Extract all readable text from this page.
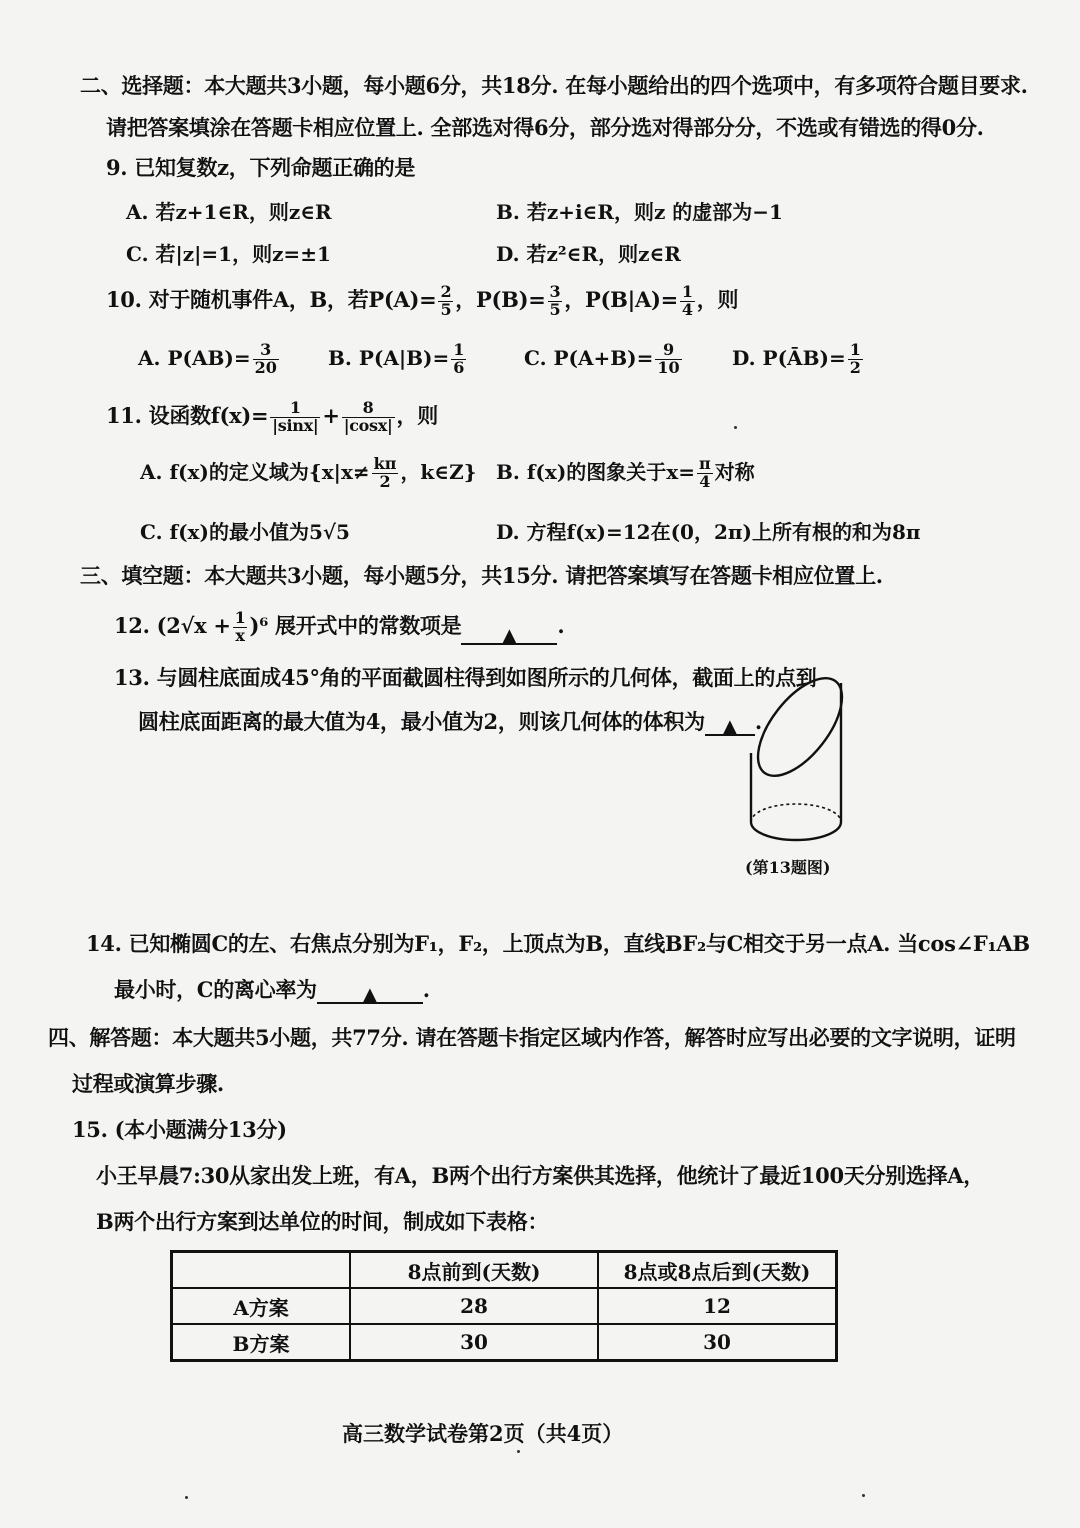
二、选择题：本大题共3小题，每小题6分，共18分. 在每小题给出的四个选项中，有多项符合题目要求.
请把答案填涂在答题卡相应位置上. 全部选对得6分，部分选对得部分分，不选或有错选的得0分.
9. 已知复数z，下列命题正确的是
A. 若z+1∈R，则z∈R	B. 若z+i∈R，则z 的虚部为−1
C. 若|z|=1，则z=±1	D. 若z²∈R，则z∈R
10. 对于随机事件A，B，若$P(A)= \frac{2}{5}$ ，$P(B)= \frac{3}{5}$ ，$P(B|A)= \frac{1}{4}$ ，则
A. $P(AB)= \frac{3}{20} B$. $P(A|B)= \frac{1}{6}$	C. $P(A+B)= \frac{9}{10}$	D. P(ĀB)= $\frac{1}{2}$
11. 设函数$f(x)= \frac{1}{|\sin x|} + \frac{8}{|\cos x|}$ ，则
A. f(x)的定义域为{$x|x\ne \frac{k\pi}{2}$ ，k∈Z} B. f(x)的图象关于$x= \frac{\pi}{4}$ 对称
C. f(x)的最小值为5√5	D. 方程f(x)=12在(0，2π)上所有根的和为8π
三、填空题：本大题共3小题，每小题5分，共15分. 请把答案填写在答题卡相应位置上.
12. $(2√x + \frac{1}{x} )^6$ 展开式中的常数项是 ▲ .
13. 与圆柱底面成45°角的平面截圆柱得到如图所示的几何体，截面上的点到
圆柱底面距离的最大值为4，最小值为2，则该几何体的体积为 ▲ .
(第13题图)
14. 已知椭圆C的左、右焦点分别为F₁，F₂，上顶点为B，直线BF₂与C相交于另一点A. 当cos∠F₁AB
最小时，C的离心率为	▲ .
四、解答题：本大题共5小题，共77分. 请在答题卡指定区域内作答，解答时应写出必要的文字说明，证明
过程或演算步骤.
15. (本小题满分13分)
小王早晨7:30从家出发上班，有A，B两个出行方案供其选择，他统计了最近100天分别选择A，
B两个出行方案到达单位的时间，制成如下表格：
	8点前到(天数)	8点或8点后到(天数)
A方案	28	12
B方案	30	30
高三数学试卷第2页（共4页）
